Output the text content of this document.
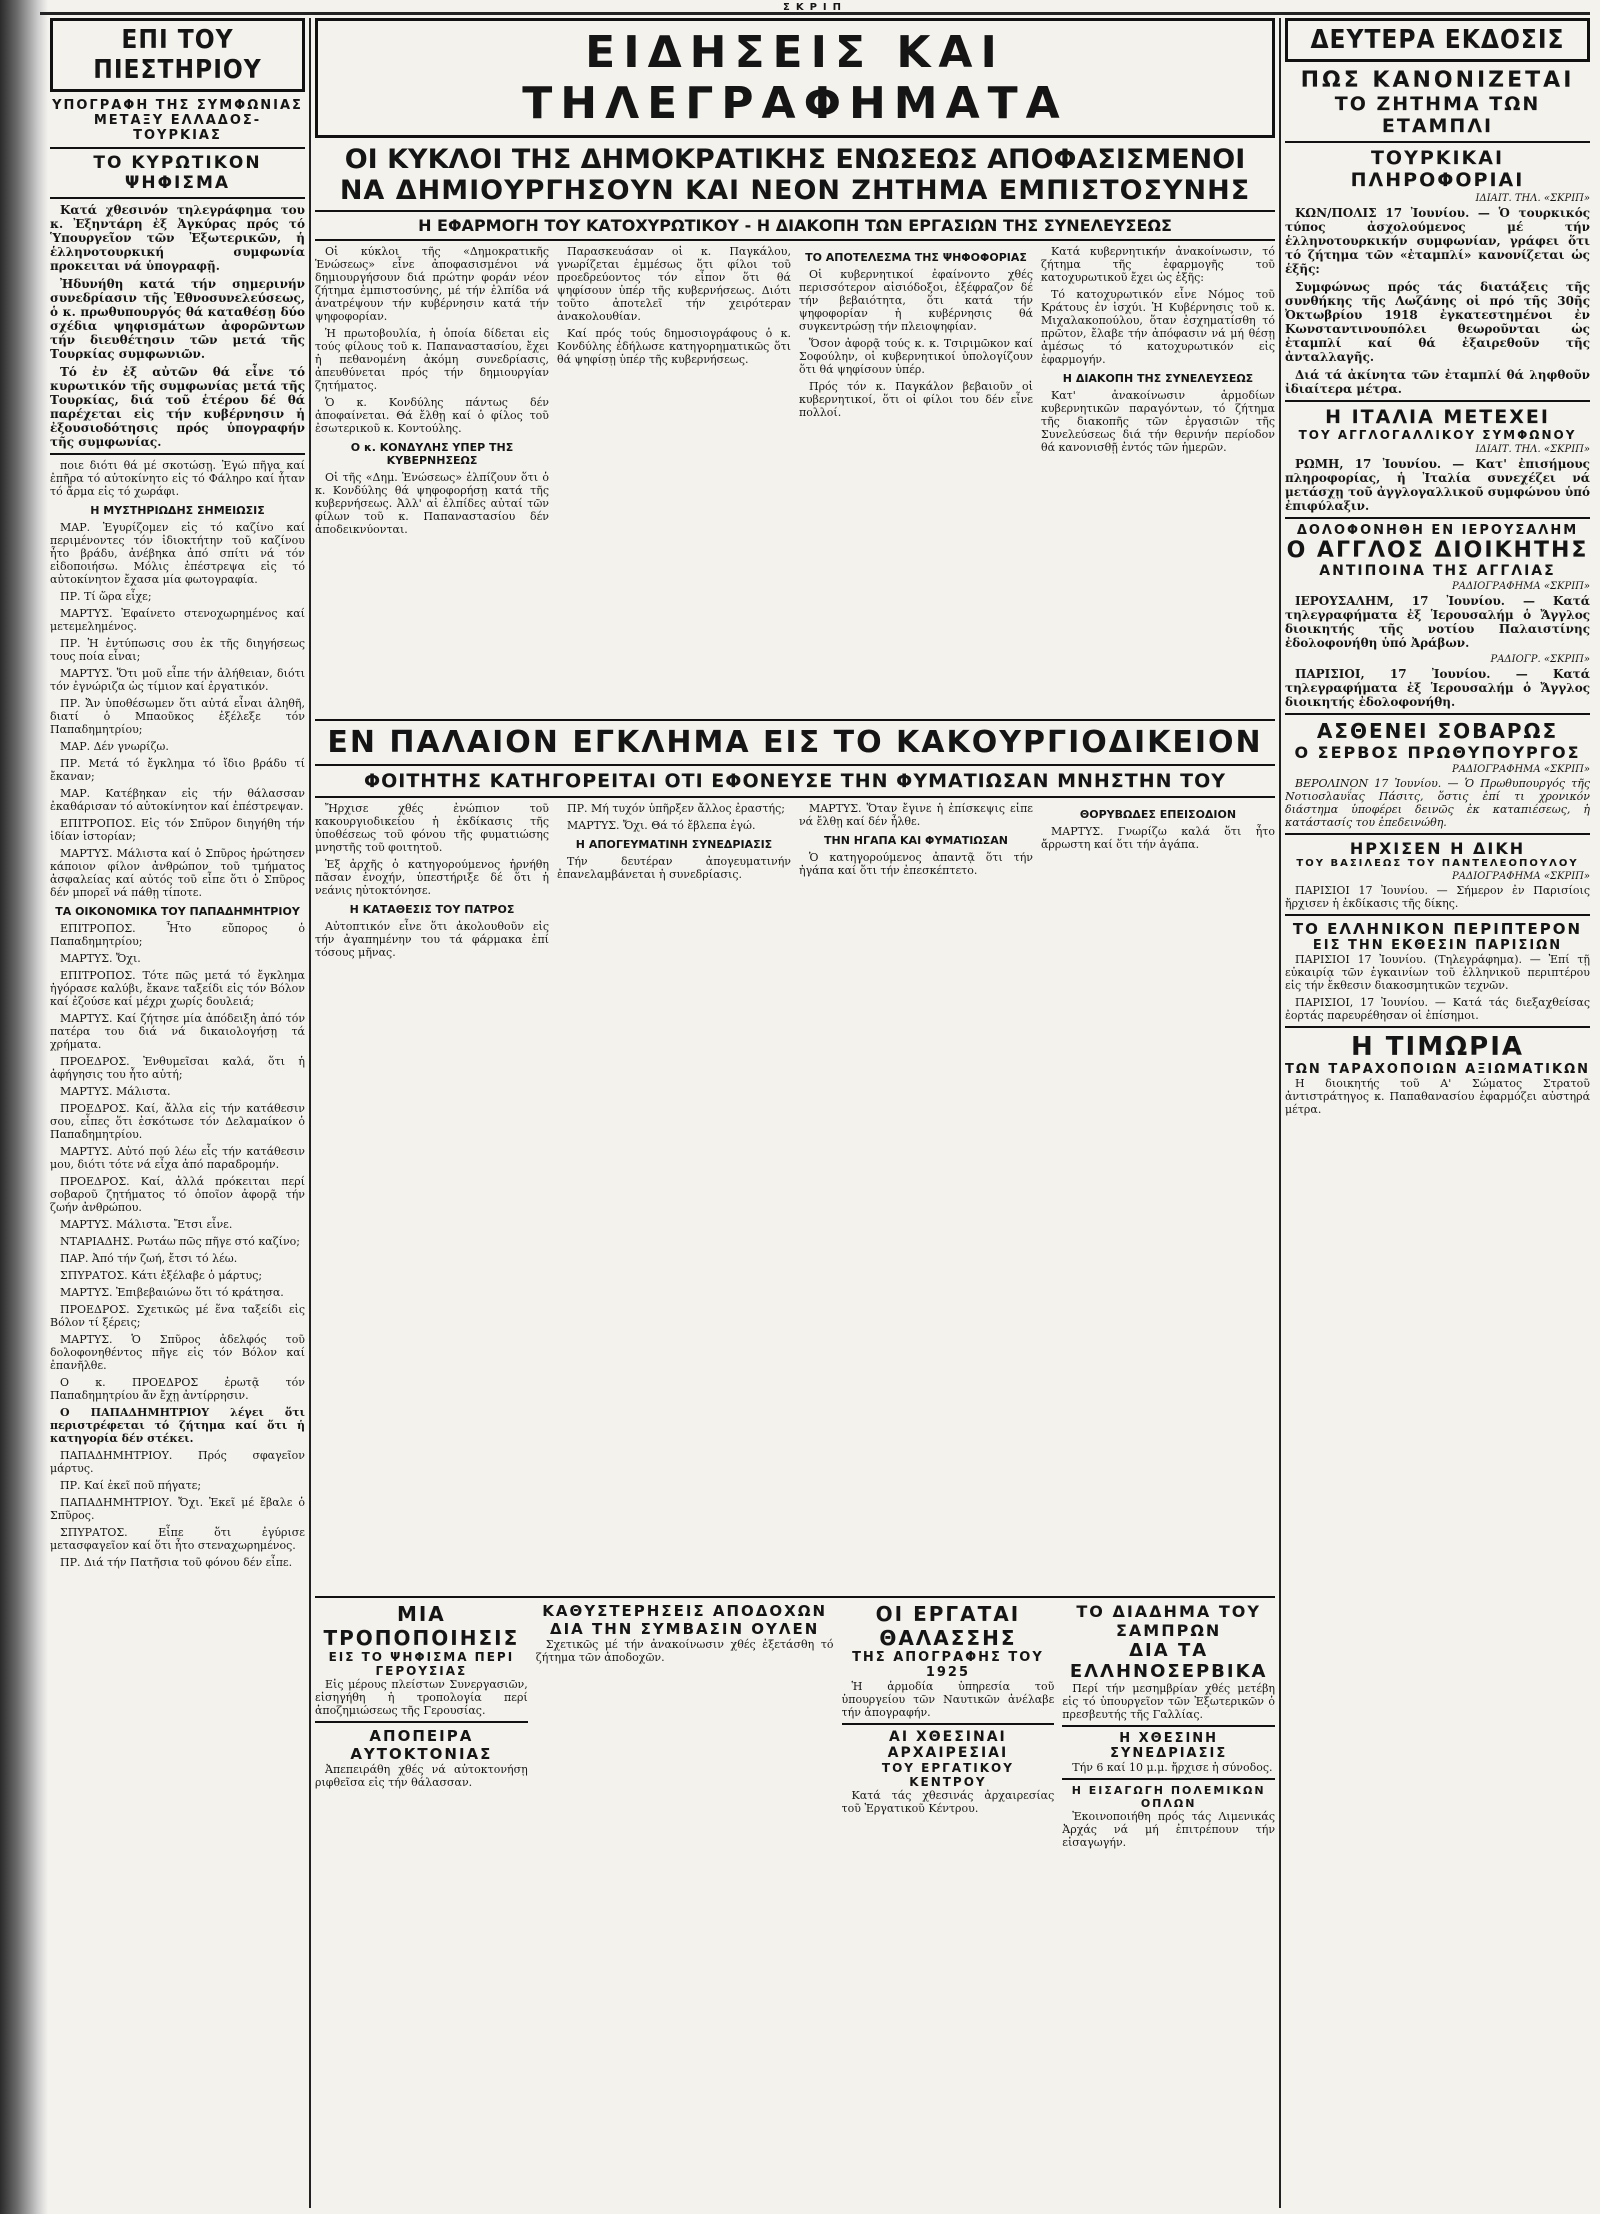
ΣΚΡΙΠ
ΕΠΙ ΤΟΥ ΠΙΕΣΤΗΡΙΟΥ
ΥΠΟΓΡΑΦΗ ΤΗΣ ΣΥΜΦΩΝΙΑΣ
ΜΕΤΑΞΥ ΕΛΛΑΔΟΣ-ΤΟΥΡΚΙΑΣ
ΤΟ ΚΥΡΩΤΙΚΟΝ ΨΗΦΙΣΜΑ

Κατά χθεσινόν τηλεγράφημα του κ. Ἐξηντάρη ἐξ Ἀγκύρας πρός τό Ὑπουργεῖον τῶν Ἐξωτερικῶν, ἡ ἑλληνοτουρκική συμφωνία προκειται νά ὑπογραφῇ.

Ἠδυνήθη κατά τήν σημερινήν συνεδρίασιν τῆς Ἐθνοσυνελεύσεως, ὁ κ. πρωθυπουργός θά καταθέσῃ δύο σχέδια ψηφισμάτων ἀφορῶντων τήν διευθέτησιν τῶν μετά τῆς Τουρκίας συμφωνιῶν.

Τό ἐν ἐξ αὐτῶν θά εἶνε τό κυρωτικόν τῆς συμφωνίας μετά τῆς Τουρκίας, διά τοῦ ἑτέρου δέ θά παρέχεται εἰς τήν κυβέρνησιν ἡ ἐξουσιοδότησις πρός ὑπογραφήν τῆς συμφωνίας.

ποιε διότι θά μέ σκοτώσῃ. Ἐγώ πῆγα καί ἐπῆρα τό αὐτοκίνητο εἰς τό Φάληρο καί ἦταν τό ἄρμα εἰς τό χωράφι.

Η ΜΥΣΤΗΡΙΩΔΗΣ ΣΗΜΕΙΩΣΙΣ

ΜΑΡ. Ἐγυρίζομεν εἰς τό καζίνο καί περιμένοντες τόν ἰδιοκτήτην τοῦ καζίνου ἦτο βράδυ, ἀνέβηκα ἀπό σπίτι νά τόν εἰδοποιήσω. Μόλις ἐπέστρεψα εἰς τό αὐτοκίνητον ἔχασα μία φωτογραφία.

ΠΡ. Τί ὥρα εἶχε;

ΜΑΡΤΥΣ. Ἐφαίνετο στενοχωρημένος καί μετεμελημένος.

ΠΡ. Ἡ ἐντύπωσις σου ἐκ τῆς διηγήσεως τους ποία εἶναι;

ΜΑΡΤΥΣ. Ὅτι μοῦ εἶπε τήν ἀλήθειαν, διότι τόν ἐγνώριζα ὡς τίμιον καί ἐργατικόν.

ΠΡ. Ἄν ὑποθέσωμεν ὅτι αὐτά εἶναι ἀληθῆ, διατί ὁ Μπαοῦκος ἐξέλεξε τόν Παπαδημητρίου;

ΜΑΡ. Δέν γνωρίζω.

ΠΡ. Μετά τό ἔγκλημα τό ἴδιο βράδυ τί ἔκαναν;

ΜΑΡ. Κατέβηκαν εἰς τήν θάλασσαν ἐκαθάρισαν τό αὐτοκίνητον καί ἐπέστρεψαν.

ΕΠΙΤΡΟΠΟΣ. Εἰς τόν Σπῦρον διηγήθη τήν ἰδίαν ἱστορίαν;

ΜΑΡΤΥΣ. Μάλιστα καί ὁ Σπῦρος ἠρώτησεν κάποιον φίλον ἀνθρώπον τοῦ τμήματος ἀσφαλείας καί αὐτός τοῦ εἶπε ὅτι ὁ Σπῦρος δέν μπορεῖ νά πάθῃ τίποτε.

ΤΑ ΟΙΚΟΝΟΜΙΚΑ ΤΟΥ ΠΑΠΑΔΗΜΗΤΡΙΟΥ

ΕΠΙΤΡΟΠΟΣ. Ἦτο εὔπορος ὁ Παπαδημητρίου;

ΜΑΡΤΥΣ. Ὄχι.

ΕΠΙΤΡΟΠΟΣ. Τότε πῶς μετά τό ἔγκλημα ἠγόρασε καλύβι, ἔκανε ταξείδι εἰς τόν Βόλον καί ἐζούσε καί μέχρι χωρίς δουλειά;

ΜΑΡΤΥΣ. Καί ζήτησε μία ἀπόδειξη ἀπό τόν πατέρα του διά νά δικαιολογήσῃ τά χρήματα.

ΠΡΟΕΔΡΟΣ. Ἐνθυμεῖσαι καλά, ὅτι ἡ ἀφήγησις του ἦτο αὐτή;

ΜΑΡΤΥΣ. Μάλιστα.

ΠΡΟΕΔΡΟΣ. Καί, ἄλλα εἰς τήν κατάθεσιν σου, εἶπες ὅτι ἐσκότωσε τόν Δελαμαίκον ὁ Παπαδημητρίου.

ΜΑΡΤΥΣ. Αὐτό πού λέω εἶς τήν κατάθεσιν μου, διότι τότε νά εἶχα ἀπό παραδρομήν.

ΠΡΟΕΔΡΟΣ. Καί, ἀλλά πρόκειται περί σοβαροῦ ζητήματος τό ὁποῖον ἀφορᾷ τήν ζωήν ἀνθρώπου.

ΜΑΡΤΥΣ. Μάλιστα. Ἔτσι εἶνε.

ΝΤΑΡΙΑΔΗΣ. Ρωτάω πῶς πῆγε στό καζίνο;

ΠΑΡ. Ἀπό τήν ζωή, ἔτσι τό λέω.

ΣΠΥΡΑΤΟΣ. Κάτι ἐξέλαβε ὁ μάρτυς;

ΜΑΡΤΥΣ. Ἐπιβεβαιώνω ὅτι τό κράτησα.

ΠΡΟΕΔΡΟΣ. Σχετικῶς μέ ἕνα ταξείδι εἰς Βόλον τί ξέρεις;

ΜΑΡΤΥΣ. Ὁ Σπῦρος ἀδελφός τοῦ δολοφονηθέντος πῆγε εἰς τόν Βόλον καί ἐπανῆλθε.

Ο κ. ΠΡΟΕΔΡΟΣ ἐρωτᾷ τόν Παπαδημητρίου ἄν ἔχῃ ἀντίρρησιν.

Ο ΠΑΠΑΔΗΜΗΤΡΙΟΥ λέγει ὅτι περιστρέφεται τό ζήτημα καί ὅτι ἡ κατηγορία δέν στέκει.

ΠΑΠΑΔΗΜΗΤΡΙΟΥ. Πρός σφαγεῖον μάρτυς.

ΠΡ. Καί ἐκεῖ ποῦ πήγατε;

ΠΑΠΑΔΗΜΗΤΡΙΟΥ. Ὄχι. Ἐκεῖ μέ ἔβαλε ὁ Σπῦρος.

ΣΠΥΡΑΤΟΣ. Εἶπε ὅτι ἐγύρισε μετασφαγεῖον καί ὅτι ἦτο στεναχωρημένος.

ΠΡ. Διά τήν Πατῆσια τοῦ φόνου δέν εἶπε.

ΕΙΔΗΣΕΙΣ ΚΑΙ ΤΗΛΕΓΡΑΦΗΜΑΤΑ
ΟΙ ΚΥΚΛΟΙ ΤΗΣ ΔΗΜΟΚΡΑΤΙΚΗΣ ΕΝΩΣΕΩΣ ΑΠΟΦΑΣΙΣΜΕΝΟΙ
ΝΑ ΔΗΜΙΟΥΡΓΗΣΟΥΝ ΚΑΙ ΝΕΟΝ ΖΗΤΗΜΑ ΕΜΠΙΣΤΟΣΥΝΗΣ
Η ΕΦΑΡΜΟΓΗ ΤΟΥ ΚΑΤΟΧΥΡΩΤΙΚΟΥ - Η ΔΙΑΚΟΠΗ ΤΩΝ ΕΡΓΑΣΙΩΝ ΤΗΣ ΣΥΝΕΛΕΥΣΕΩΣ

Οἱ κύκλοι τῆς «Δημοκρατικῆς Ἑνώσεως» εἶνε ἀποφασισμένοι νά δημιουργήσουν διά πρώτην φοράν νέον ζήτημα ἐμπιστοσύνης, μέ τήν ἐλπίδα νά ἀνατρέψουν τήν κυβέρνησιν κατά τήν ψηφοφορίαν.

Ἡ πρωτοβουλία, ἡ ὁποία δίδεται εἰς τούς φίλους τοῦ κ. Παπαναστασίου, ἔχει ἡ πεθανομένη ἀκόμη συνεδρίασις, ἀπευθύνεται πρός τήν δημιουργίαν ζητήματος.

Ὁ κ. Κονδύλης πάντως δέν ἀποφαίνεται. Θά ἔλθῃ καί ὁ φίλος τοῦ ἐσωτερικοῦ κ. Κοντούλης.

Ο κ. ΚΟΝΔΥΛΗΣ ΥΠΕΡ ΤΗΣ ΚΥΒΕΡΝΗΣΕΩΣ

Οἱ τῆς «Δημ. Ἑνώσεως» ἐλπίζουν ὅτι ὁ κ. Κονδύλης θά ψηφοφορήσῃ κατά τῆς κυβερνήσεως. Ἀλλ' αἱ ἐλπίδες αὐταί τῶν φίλων τοῦ κ. Παπαναστασίου δέν ἀποδεικνύονται.

Παρασκευάσαν οἱ κ. Παγκάλου, γνωρίζεται ἐμμέσως ὅτι φίλοι τοῦ προεδρεύοντος τόν εἶπον ὅτι θά ψηφίσουν ὑπέρ τῆς κυβερνήσεως. Διότι τοῦτο ἀποτελεῖ τήν χειρότεραν ἀνακολουθίαν.

Καί πρός τούς δημοσιογράφους ὁ κ. Κονδύλης ἐδήλωσε κατηγορηματικῶς ὅτι θά ψηφίσῃ ὑπέρ τῆς κυβερνήσεως.

ΤΟ ΑΠΟΤΕΛΕΣΜΑ ΤΗΣ ΨΗΦΟΦΟΡΙΑΣ

Οἱ κυβερνητικοί ἐφαίνοντο χθές περισσότερον αἰσιόδοξοι, ἐξέφραζον δέ τήν βεβαιότητα, ὅτι κατά τήν ψηφοφορίαν ἡ κυβέρνησις θά συγκεντρώσῃ τήν πλειοψηφίαν.

Ὅσον ἀφορᾷ τούς κ. κ. Τσιριμῶκον καί Σοφούλην, οἱ κυβερνητικοί ὑπολογίζουν ὅτι θά ψηφίσουν ὑπέρ.

Πρός τόν κ. Παγκάλον βεβαιοῦν οἱ κυβερνητικοί, ὅτι οἱ φίλοι του δέν εἶνε πολλοί.

Κατά κυβερνητικήν ἀνακοίνωσιν, τό ζήτημα τῆς ἐφαρμογῆς τοῦ κατοχυρωτικοῦ ἔχει ὡς ἑξῆς:

Τό κατοχυρωτικόν εἶνε Νόμος τοῦ Κράτους ἐν ἰσχύι. Ἡ Κυβέρνησις τοῦ κ. Μιχαλακοπούλου, ὅταν ἐσχηματίσθη τό πρῶτον, ἔλαβε τήν ἀπόφασιν νά μή θέσῃ ἀμέσως τό κατοχυρωτικόν εἰς ἐφαρμογήν.

Η ΔΙΑΚΟΠΗ ΤΗΣ ΣΥΝΕΛΕΥΣΕΩΣ

Κατ' ἀνακοίνωσιν ἁρμοδίων κυβερνητικῶν παραγόντων, τό ζήτημα τῆς διακοπῆς τῶν ἐργασιῶν τῆς Συνελεύσεως διά τήν θερινήν περίοδον θά κανονισθῇ ἐντός τῶν ἡμερῶν.

ΕΝ ΠΑΛΑΙΟΝ ΕΓΚΛΗΜΑ ΕΙΣ ΤΟ ΚΑΚΟΥΡΓΙΟΔΙΚΕΙΟΝ
ΦΟΙΤΗΤΗΣ ΚΑΤΗΓΟΡΕΙΤΑΙ ΟΤΙ ΕΦΟΝΕΥΣΕ ΤΗΝ ΦΥΜΑΤΙΩΣΑΝ ΜΝΗΣΤΗΝ ΤΟΥ

Ἤρχισε χθές ἐνώπιον τοῦ κακουργιοδικείου ἡ ἐκδίκασις τῆς ὑποθέσεως τοῦ φόνου τῆς φυματιώσης μνηστῆς τοῦ φοιτητοῦ.

Ἐξ ἀρχῆς ὁ κατηγορούμενος ἠρνήθη πᾶσαν ἐνοχήν, ὑπεστήριξε δέ ὅτι ἡ νεάνις ηὐτοκτόνησε.

Η ΚΑΤΑΘΕΣΙΣ ΤΟΥ ΠΑΤΡΟΣ

Αὐτοπτικόν εἶνε ὅτι ἀκολουθοῦν εἰς τήν ἀγαπημένην του τά φάρμακα ἐπί τόσους μῆνας.

ΠΡ. Μή τυχόν ὑπῆρξεν ἄλλος ἐραστής;

ΜΑΡΤΥΣ. Ὄχι. Θά τό ἔβλεπα ἐγώ.

Η ΑΠΟΓΕΥΜΑΤΙΝΗ ΣΥΝΕΔΡΙΑΣΙΣ

Τήν δευτέραν ἀπογευματινήν ἐπανελαμβάνεται ἡ συνεδρίασις.

ΜΑΡΤΥΣ. Ὅταν ἔγινε ἡ ἐπίσκεψις εἶπε νά ἔλθῃ καί δέν ἦλθε.

ΤΗΝ ΗΓΑΠΑ ΚΑΙ ΦΥΜΑΤΙΩΣΑΝ

Ὁ κατηγορούμενος ἀπαντᾷ ὅτι τήν ἠγάπα καί ὅτι τήν ἐπεσκέπτετο.

ΘΟΡΥΒΩΔΕΣ ΕΠΕΙΣΟΔΙΟΝ

ΜΑΡΤΥΣ. Γνωρίζω καλά ὅτι ἦτο ἄρρωστη καί ὅτι τήν ἀγάπα.

ΜΙΑ ΤΡΟΠΟΠΟΙΗΣΙΣ
ΕΙΣ ΤΟ ΨΗΦΙΣΜΑ ΠΕΡΙ ΓΕΡΟΥΣΙΑΣ

Εἰς μέρους πλείστων Συνεργασιῶν, εἰσηγήθη ἡ τροπολογία περί ἀποζημιώσεως τῆς Γερουσίας.

ΑΠΟΠΕΙΡΑ ΑΥΤΟΚΤΟΝΙΑΣ

Ἀπεπειράθη χθές νά αὐτοκτονήσῃ ριφθεῖσα εἰς τήν θάλασσαν.

ΚΑΘΥΣΤΕΡΗΣΕΙΣ ΑΠΟΔΟΧΩΝ ΔΙΑ ΤΗΝ ΣΥΜΒΑΣΙΝ ΟΥΛΕΝ

Σχετικῶς μέ τήν ἀνακοίνωσιν χθές ἐξετάσθη τό ζήτημα τῶν ἀποδοχῶν.

ΟΙ ΕΡΓΑΤΑΙ ΘΑΛΑΣΣΗΣ
ΤΗΣ ΑΠΟΓΡΑΦΗΣ ΤΟΥ 1925

Ἡ ἁρμοδία ὑπηρεσία τοῦ ὑπουργείου τῶν Ναυτικῶν ἀνέλαβε τήν ἀπογραφήν.

ΑΙ ΧΘΕΣΙΝΑΙ ΑΡΧΑΙΡΕΣΙΑΙ
ΤΟΥ ΕΡΓΑΤΙΚΟΥ ΚΕΝΤΡΟΥ

Κατά τάς χθεσινάς ἀρχαιρεσίας τοῦ Ἐργατικοῦ Κέντρου.

ΤΟ ΔΙΑΔΗΜΑ ΤΟΥ ΣΑΜΠΡΩΝ
ΔΙΑ ΤΑ ΕΛΛΗΝΟΣΕΡΒΙΚΑ

Περί τήν μεσημβρίαν χθές μετέβη εἰς τό ὑπουργεῖον τῶν Ἐξωτερικῶν ὁ πρεσβευτής τῆς Γαλλίας.

Η ΧΘΕΣΙΝΗ ΣΥΝΕΔΡΙΑΣΙΣ

Τήν 6 καί 10 μ.μ. ἤρχισε ἡ σύνοδος.

Η ΕΙΣΑΓΩΓΗ ΠΟΛΕΜΙΚΩΝ ΟΠΛΩΝ

Ἐκοινοποιήθη πρός τάς Λιμενικάς Ἀρχάς νά μή ἐπιτρέπουν τήν εἰσαγωγήν.

ΔΕΥΤΕΡΑ ΕΚΔΟΣΙΣ
ΠΩΣ ΚΑΝΟΝΙΖΕΤΑΙ
ΤΟ ΖΗΤΗΜΑ ΤΩΝ ΕΤΑΜΠΛΙ
ΤΟΥΡΚΙΚΑΙ ΠΛΗΡΟΦΟΡΙΑΙ
ΙΔΙΑΙΤ. ΤΗΛ. «ΣΚΡΙΠ»

ΚΩΝ/ΠΟΛΙΣ 17 Ἰουνίου. — Ὁ τουρκικός τύπος ἀσχολούμενος μέ τήν ἑλληνοτουρκικήν συμφωνίαν, γράφει ὅτι τό ζήτημα τῶν «ἐταμπλί» κανονίζεται ὡς ἑξῆς:

Συμφώνως πρός τάς διατάξεις τῆς συνθήκης τῆς Λωζάνης οἱ πρό τῆς 30ῆς Ὀκτωβρίου 1918 ἐγκατεστημένοι ἐν Κωνσταντινουπόλει θεωροῦνται ὡς ἐταμπλί καί θά ἐξαιρεθοῦν τῆς ἀνταλλαγῆς.

Διά τά ἀκίνητα τῶν ἐταμπλί θά ληφθοῦν ἰδιαίτερα μέτρα.

Η ΙΤΑΛΙΑ ΜΕΤΕΧΕΙ
ΤΟΥ ΑΓΓΛΟΓΑΛΛΙΚΟΥ ΣΥΜΦΩΝΟΥ
ΙΔΙΑΙΤ. ΤΗΛ. «ΣΚΡΙΠ»

ΡΩΜΗ, 17 Ἰουνίου. — Κατ' ἐπισήμους πληροφορίας, ἡ Ἰταλία συνεχέζει νά μετάσχῃ τοῦ ἀγγλογαλλικοῦ συμφώνου ὑπό ἐπιφύλαξιν.

ΔΟΛΟΦΟΝΗΘΗ ΕΝ ΙΕΡΟΥΣΑΛΗΜ
Ο ΑΓΓΛΟΣ ΔΙΟΙΚΗΤΗΣ
ΑΝΤΙΠΟΙΝΑ ΤΗΣ ΑΓΓΛΙΑΣ
ΡΑΔΙΟΓΡΑΦΗΜΑ «ΣΚΡΙΠ»

ΙΕΡΟΥΣΑΛΗΜ, 17 Ἰουνίου. — Κατά τηλεγραφήματα ἐξ Ἱερουσαλήμ ὁ Ἄγγλος διοικητής τῆς νοτίου Παλαιστίνης ἐδολοφονήθη ὑπό Ἀράβων.

ΡΑΔΙΟΓΡ. «ΣΚΡΙΠ»

ΠΑΡΙΣΙΟΙ, 17 Ἰουνίου. — Κατά τηλεγραφήματα ἐξ Ἱερουσαλήμ ὁ Ἄγγλος διοικητής ἐδολοφονήθη.

ΑΣΘΕΝΕΙ ΣΟΒΑΡΩΣ
Ο ΣΕΡΒΟΣ ΠΡΩΘΥΠΟΥΡΓΟΣ
ΡΑΔΙΟΓΡΑΦΗΜΑ «ΣΚΡΙΠ»

ΒΕΡΟΛΙΝΟΝ 17 Ἰουνίου. — Ὁ Πρωθυπουργός τῆς Νοτιοσλαυΐας Πάσιτς, ὅστις ἐπί τι χρονικόν διάστημα ὑποφέρει δεινῶς ἐκ καταπιέσεως, ἡ κατάστασίς του ἐπεδεινώθη.

ΗΡΧΙΣΕΝ Η ΔΙΚΗ
ΤΟΥ ΒΑΣΙΛΕΩΣ ΤΟΥ ΠΑΝΤΕΛΕΟΠΟΥΛΟΥ
ΡΑΔΙΟΓΡΑΦΗΜΑ «ΣΚΡΙΠ»

ΠΑΡΙΣΙΟΙ 17 Ἰουνίου. — Σήμερον ἐν Παρισίοις ἤρχισεν ἡ ἐκδίκασις τῆς δίκης.

ΤΟ ΕΛΛΗΝΙΚΟΝ ΠΕΡΙΠΤΕΡΟΝ
ΕΙΣ ΤΗΝ ΕΚΘΕΣΙΝ ΠΑΡΙΣΙΩΝ

ΠΑΡΙΣΙΟΙ 17 Ἰουνίου. (Τηλεγράφημα). — Ἐπί τῇ εὐκαιρίᾳ τῶν ἐγκαινίων τοῦ ἑλληνικοῦ περιπτέρου εἰς τήν ἔκθεσιν διακοσμητικῶν τεχνῶν.

ΠΑΡΙΣΙΟΙ, 17 Ἰουνίου. — Κατά τάς διεξαχθείσας ἐορτάς παρευρέθησαν οἱ ἐπίσημοι.

Η ΤΙΜΩΡΙΑ
ΤΩΝ ΤΑΡΑΧΟΠΟΙΩΝ ΑΞΙΩΜΑΤΙΚΩΝ

Η διοικητής τοῦ Α' Σώματος Στρατοῦ ἀντιστράτηγος κ. Παπαθανασίου ἐφαρμόζει αὐστηρά μέτρα.
